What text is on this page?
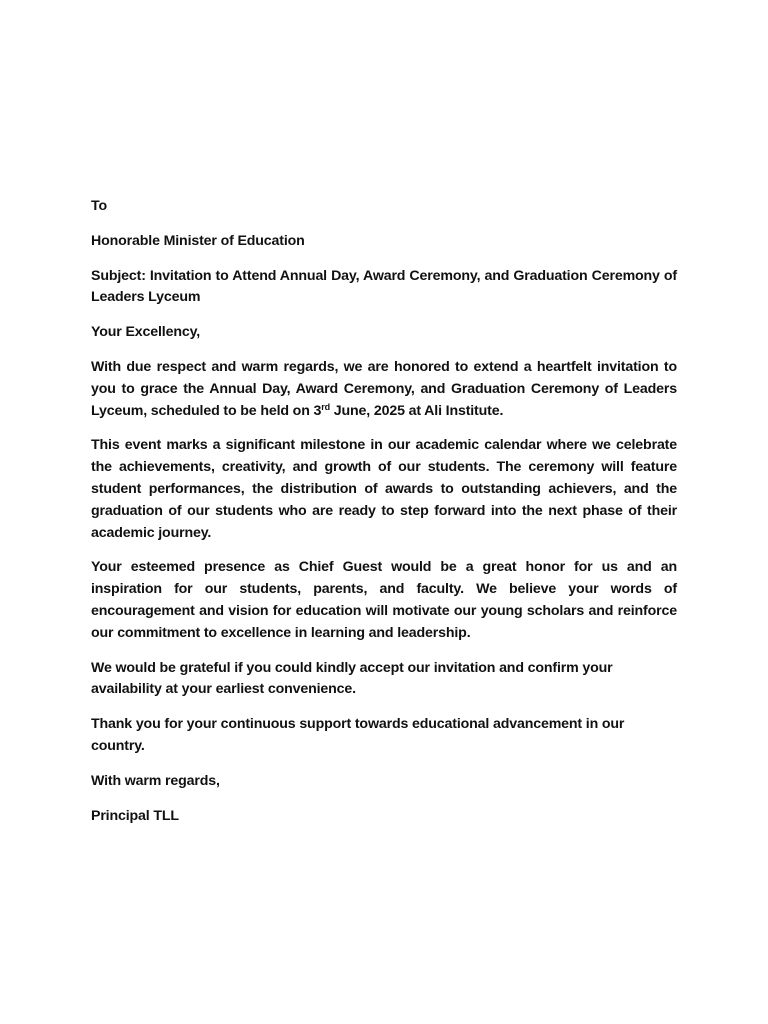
To

Honorable Minister of Education

Subject: Invitation to Attend Annual Day, Award Ceremony, and Graduation Ceremony of Leaders Lyceum

Your Excellency,

With due respect and warm regards, we are honored to extend a heartfelt invitation to you to grace the Annual Day, Award Ceremony, and Graduation Ceremony of Leaders Lyceum, scheduled to be held on 3rd June, 2025 at Ali Institute.

This event marks a significant milestone in our academic calendar where we celebrate the achievements, creativity, and growth of our students. The ceremony will feature student performances, the distribution of awards to outstanding achievers, and the graduation of our students who are ready to step forward into the next phase of their academic journey.

Your esteemed presence as Chief Guest would be a great honor for us and an inspiration for our students, parents, and faculty. We believe your words of encouragement and vision for education will motivate our young scholars and reinforce our commitment to excellence in learning and leadership.

We would be grateful if you could kindly accept our invitation and confirm your availability at your earliest convenience.

Thank you for your continuous support towards educational advancement in our country.

With warm regards,

Principal TLL
